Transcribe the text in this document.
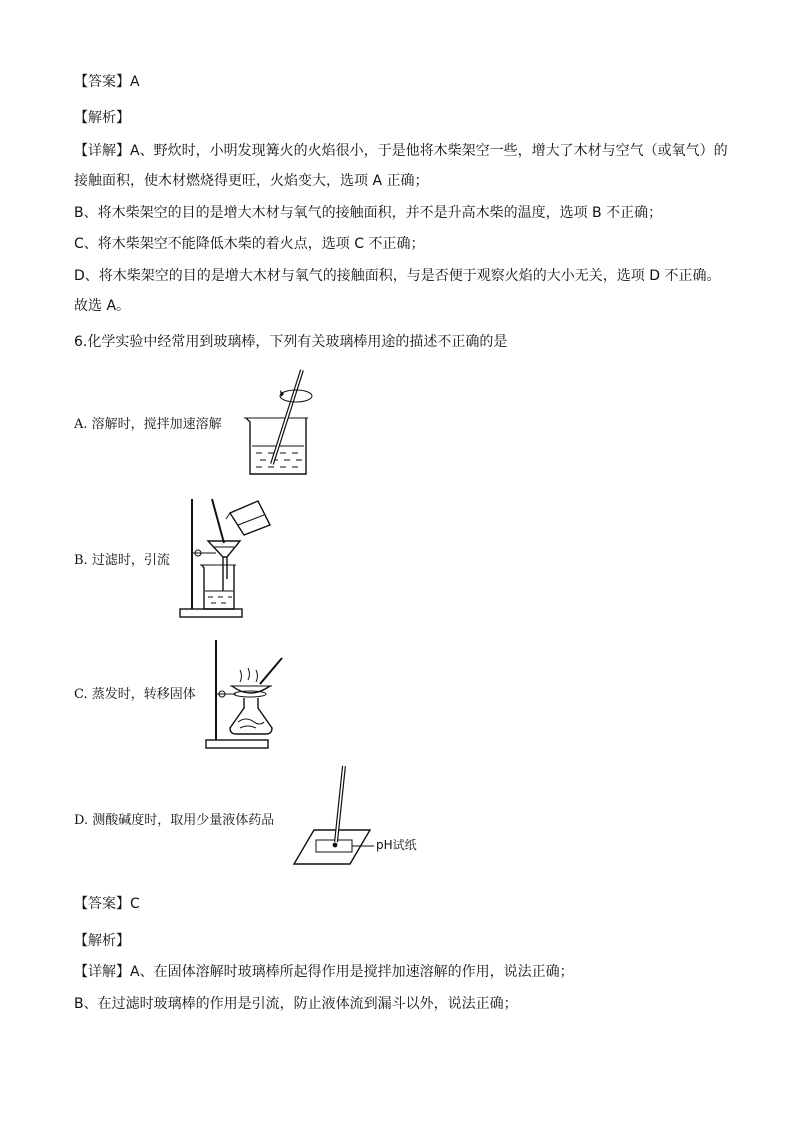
【答案】A
【解析】
【详解】A、野炊时，小明发现篝火的火焰很小，于是他将木柴架空一些，增大了木材与空气（或氧气）的
接触面积，使木材燃烧得更旺，火焰变大，选项 A 正确；
B、将木柴架空的目的是增大木材与氧气的接触面积，并不是升高木柴的温度，选项 B 不正确；
C、将木柴架空不能降低木柴的着火点，选项 C 不正确；
D、将木柴架空的目的是增大木材与氧气的接触面积，与是否便于观察火焰的大小无关，选项 D 不正确。
故选 A。
6.化学实验中经常用到玻璃棒，下列有关玻璃棒用途的描述不正确的是
A. 溶解时，搅拌加速溶解
B. 过滤时，引流
C. 蒸发时，转移固体
D. 测酸碱度时，取用少量液体药品
pH试纸
【答案】C
【解析】
【详解】A、在固体溶解时玻璃棒所起得作用是搅拌加速溶解的作用，说法正确；
B、在过滤时玻璃棒的作用是引流，防止液体流到漏斗以外，说法正确；
